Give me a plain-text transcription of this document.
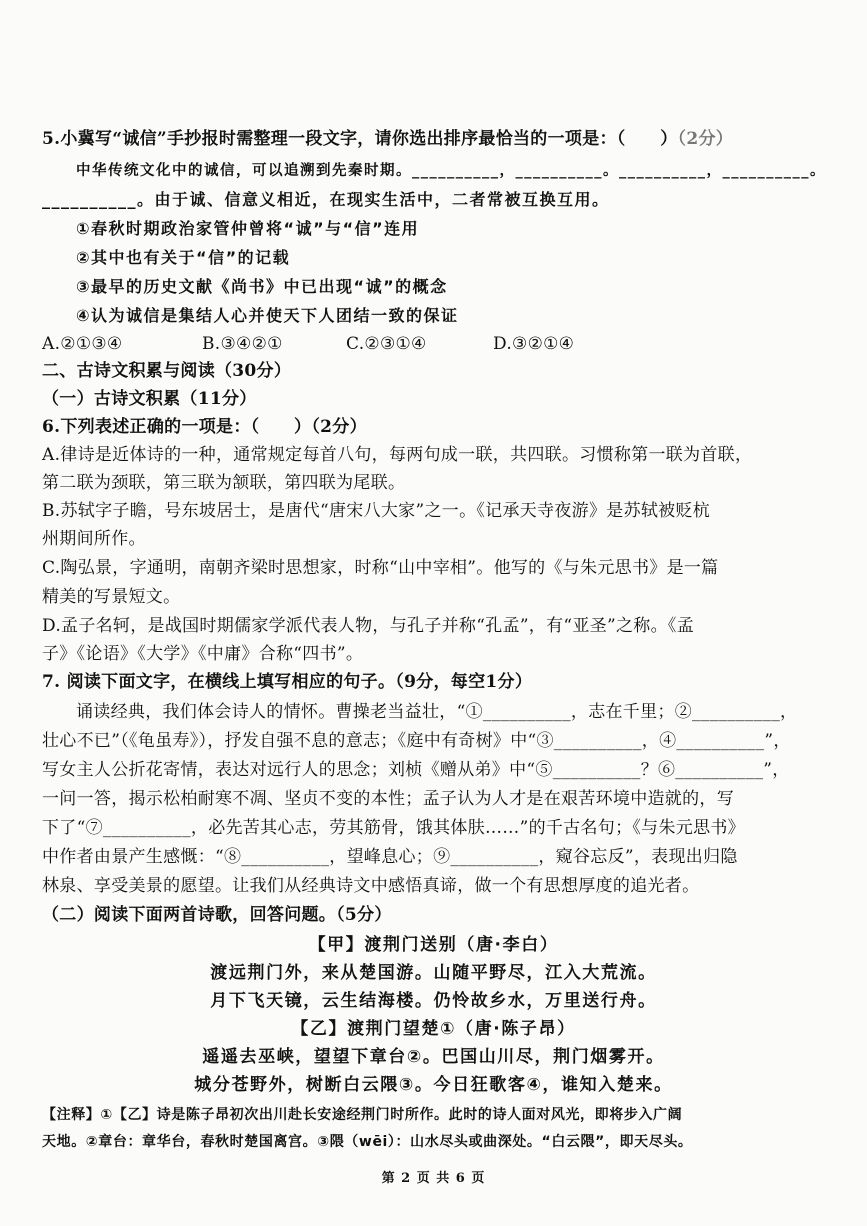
5.小冀写“诚信”手抄报时需整理一段文字，请你选出排序最恰当的一项是：（　　）（2分）
中华传统文化中的诚信，可以追溯到先秦时期。__________，__________。__________，__________。
__________。由于诚、信意义相近，在现实生活中，二者常被互换互用。
①春秋时期政治家管仲曾将“诚”与“信”连用
②其中也有关于“信”的记载
③最早的历史文献《尚书》中已出现“诚”的概念
④认为诚信是集结人心并使天下人团结一致的保证
A.②①③④	B.③④②①	C.②③①④	D.③②①④
二、古诗文积累与阅读（30分）
（一）古诗文积累（11分）
6.下列表述正确的一项是：（　　）（2分）
A.律诗是近体诗的一种，通常规定每首八句，每两句成一联，共四联。习惯称第一联为首联，
第二联为颈联，第三联为颔联，第四联为尾联。
B.苏轼字子瞻，号东坡居士，是唐代“唐宋八大家”之一。《记承天寺夜游》是苏轼被贬杭
州期间所作。
C.陶弘景，字通明，南朝齐梁时思想家，时称“山中宰相”。他写的《与朱元思书》是一篇
精美的写景短文。
D.孟子名轲，是战国时期儒家学派代表人物，与孔子并称“孔孟”，有“亚圣”之称。《孟
子》《论语》《大学》《中庸》合称“四书”。
7. 阅读下面文字，在横线上填写相应的句子。（9分，每空1分）
诵读经典，我们体会诗人的情怀。曹操老当益壮，“①__________，志在千里；②__________，
壮心不已”（《龟虽寿》），抒发自强不息的意志；《庭中有奇树》中“③__________，④__________”，
写女主人公折花寄情，表达对远行人的思念；刘桢《赠从弟》中“⑤__________？⑥__________”，
一问一答，揭示松柏耐寒不凋、坚贞不变的本性；孟子认为人才是在艰苦环境中造就的，写
下了“⑦__________，必先苦其心志，劳其筋骨，饿其体肤……”的千古名句；《与朱元思书》
中作者由景产生感慨：“⑧__________，望峰息心；⑨__________，窥谷忘反”，表现出归隐
林泉、享受美景的愿望。让我们从经典诗文中感悟真谛，做一个有思想厚度的追光者。
（二）阅读下面两首诗歌，回答问题。（5分）
【甲】渡荆门送别（唐·李白）
渡远荆门外，来从楚国游。山随平野尽，江入大荒流。
月下飞天镜，云生结海楼。仍怜故乡水，万里送行舟。
【乙】渡荆门望楚①（唐·陈子昂）
遥遥去巫峡，望望下章台②。巴国山川尽，荆门烟雾开。
城分苍野外，树断白云隈③。今日狂歌客④，谁知入楚来。
【注释】①【乙】诗是陈子昂初次出川赴长安途经荆门时所作。此时的诗人面对风光，即将步入广阔
天地。②章台：章华台，春秋时楚国离宫。③隈（wēi）：山水尽头或曲深处。“白云隈”，即天尽头。
第 2 页 共 6 页
